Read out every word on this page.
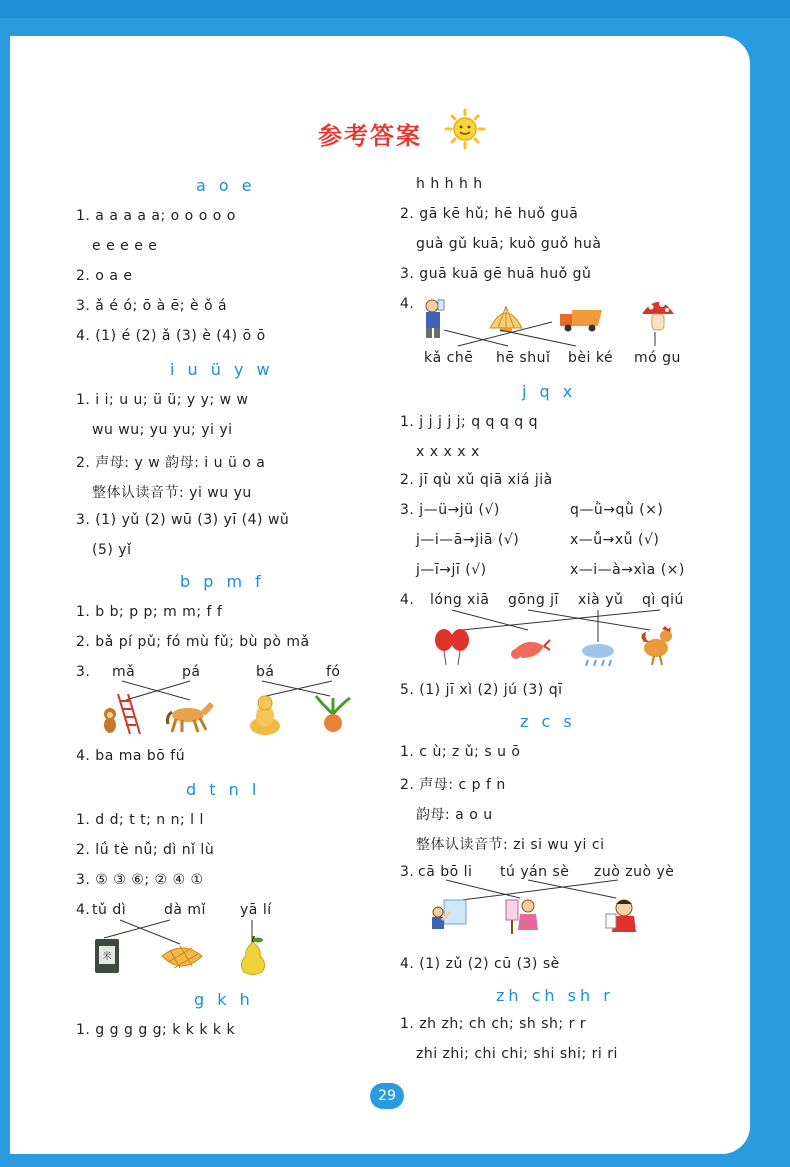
参考答案
a o e
1. a a a a a; o o o o o
e e e e e
2. o a e
3. ǎ é ó; ō à ē; è ǒ á
4. (1) é (2) ǎ (3) è (4) ō ō
i u ü y w
1. i i; u u; ü ü; y y; w w
wu wu; yu yu; yi yi
2. 声母: y w 韵母: i u ü o a
整体认读音节: yi wu yu
3. (1) yǔ (2) wū (3) yī (4) wǔ
(5) yǐ
b p m f
1. b b; p p; m m; f f
2. bǎ pí pǔ; fó mù fǔ; bù pò mǎ
3. mǎ	pá	bá	fó
4. ba ma bō fú
d t n l
1. d d; t t; n n; l l
2. lǘ tè nǚ; dì nǐ lù
3. ⑤ ③ ⑥; ② ④ ①
4. tǔ dì	dà mǐ yā lí
米
g k h
1. g g g g g; k k k k k
h h h h h
2. gā kē hǔ; hē huǒ guā
guà gǔ kuā; kuò guǒ huà
3. guā kuā gē huā huǒ gǔ
4.
kǎ chē hē shuǐ bèi ké mó gu
j q x
1. j j j j j; q q q q q
x x x x x
2. jī qù xǔ qiā xiá jià
3. j—ü→jü (√)	q—ǜ→qǜ (×)
j—i—ā→jiā (√)	x—ǚ→xǚ (√)
j—ī→jī (√)	x—i—à→xìa (×)
4. lóng xiā gōng jī xià yǔ qì qiú
5. (1) jī xì (2) jú (3) qī
z c s
1. c ù; z ǔ; s u ō
2. 声母: c p f n
韵母: a o u
整体认读音节: zi si wu yi ci
3. cā bō li tú yán sè zuò zuò yè
4. (1) zǔ (2) cū (3) sè
zh ch sh r
1. zh zh; ch ch; sh sh; r r
zhi zhi; chi chi; shi shi; ri ri
29
